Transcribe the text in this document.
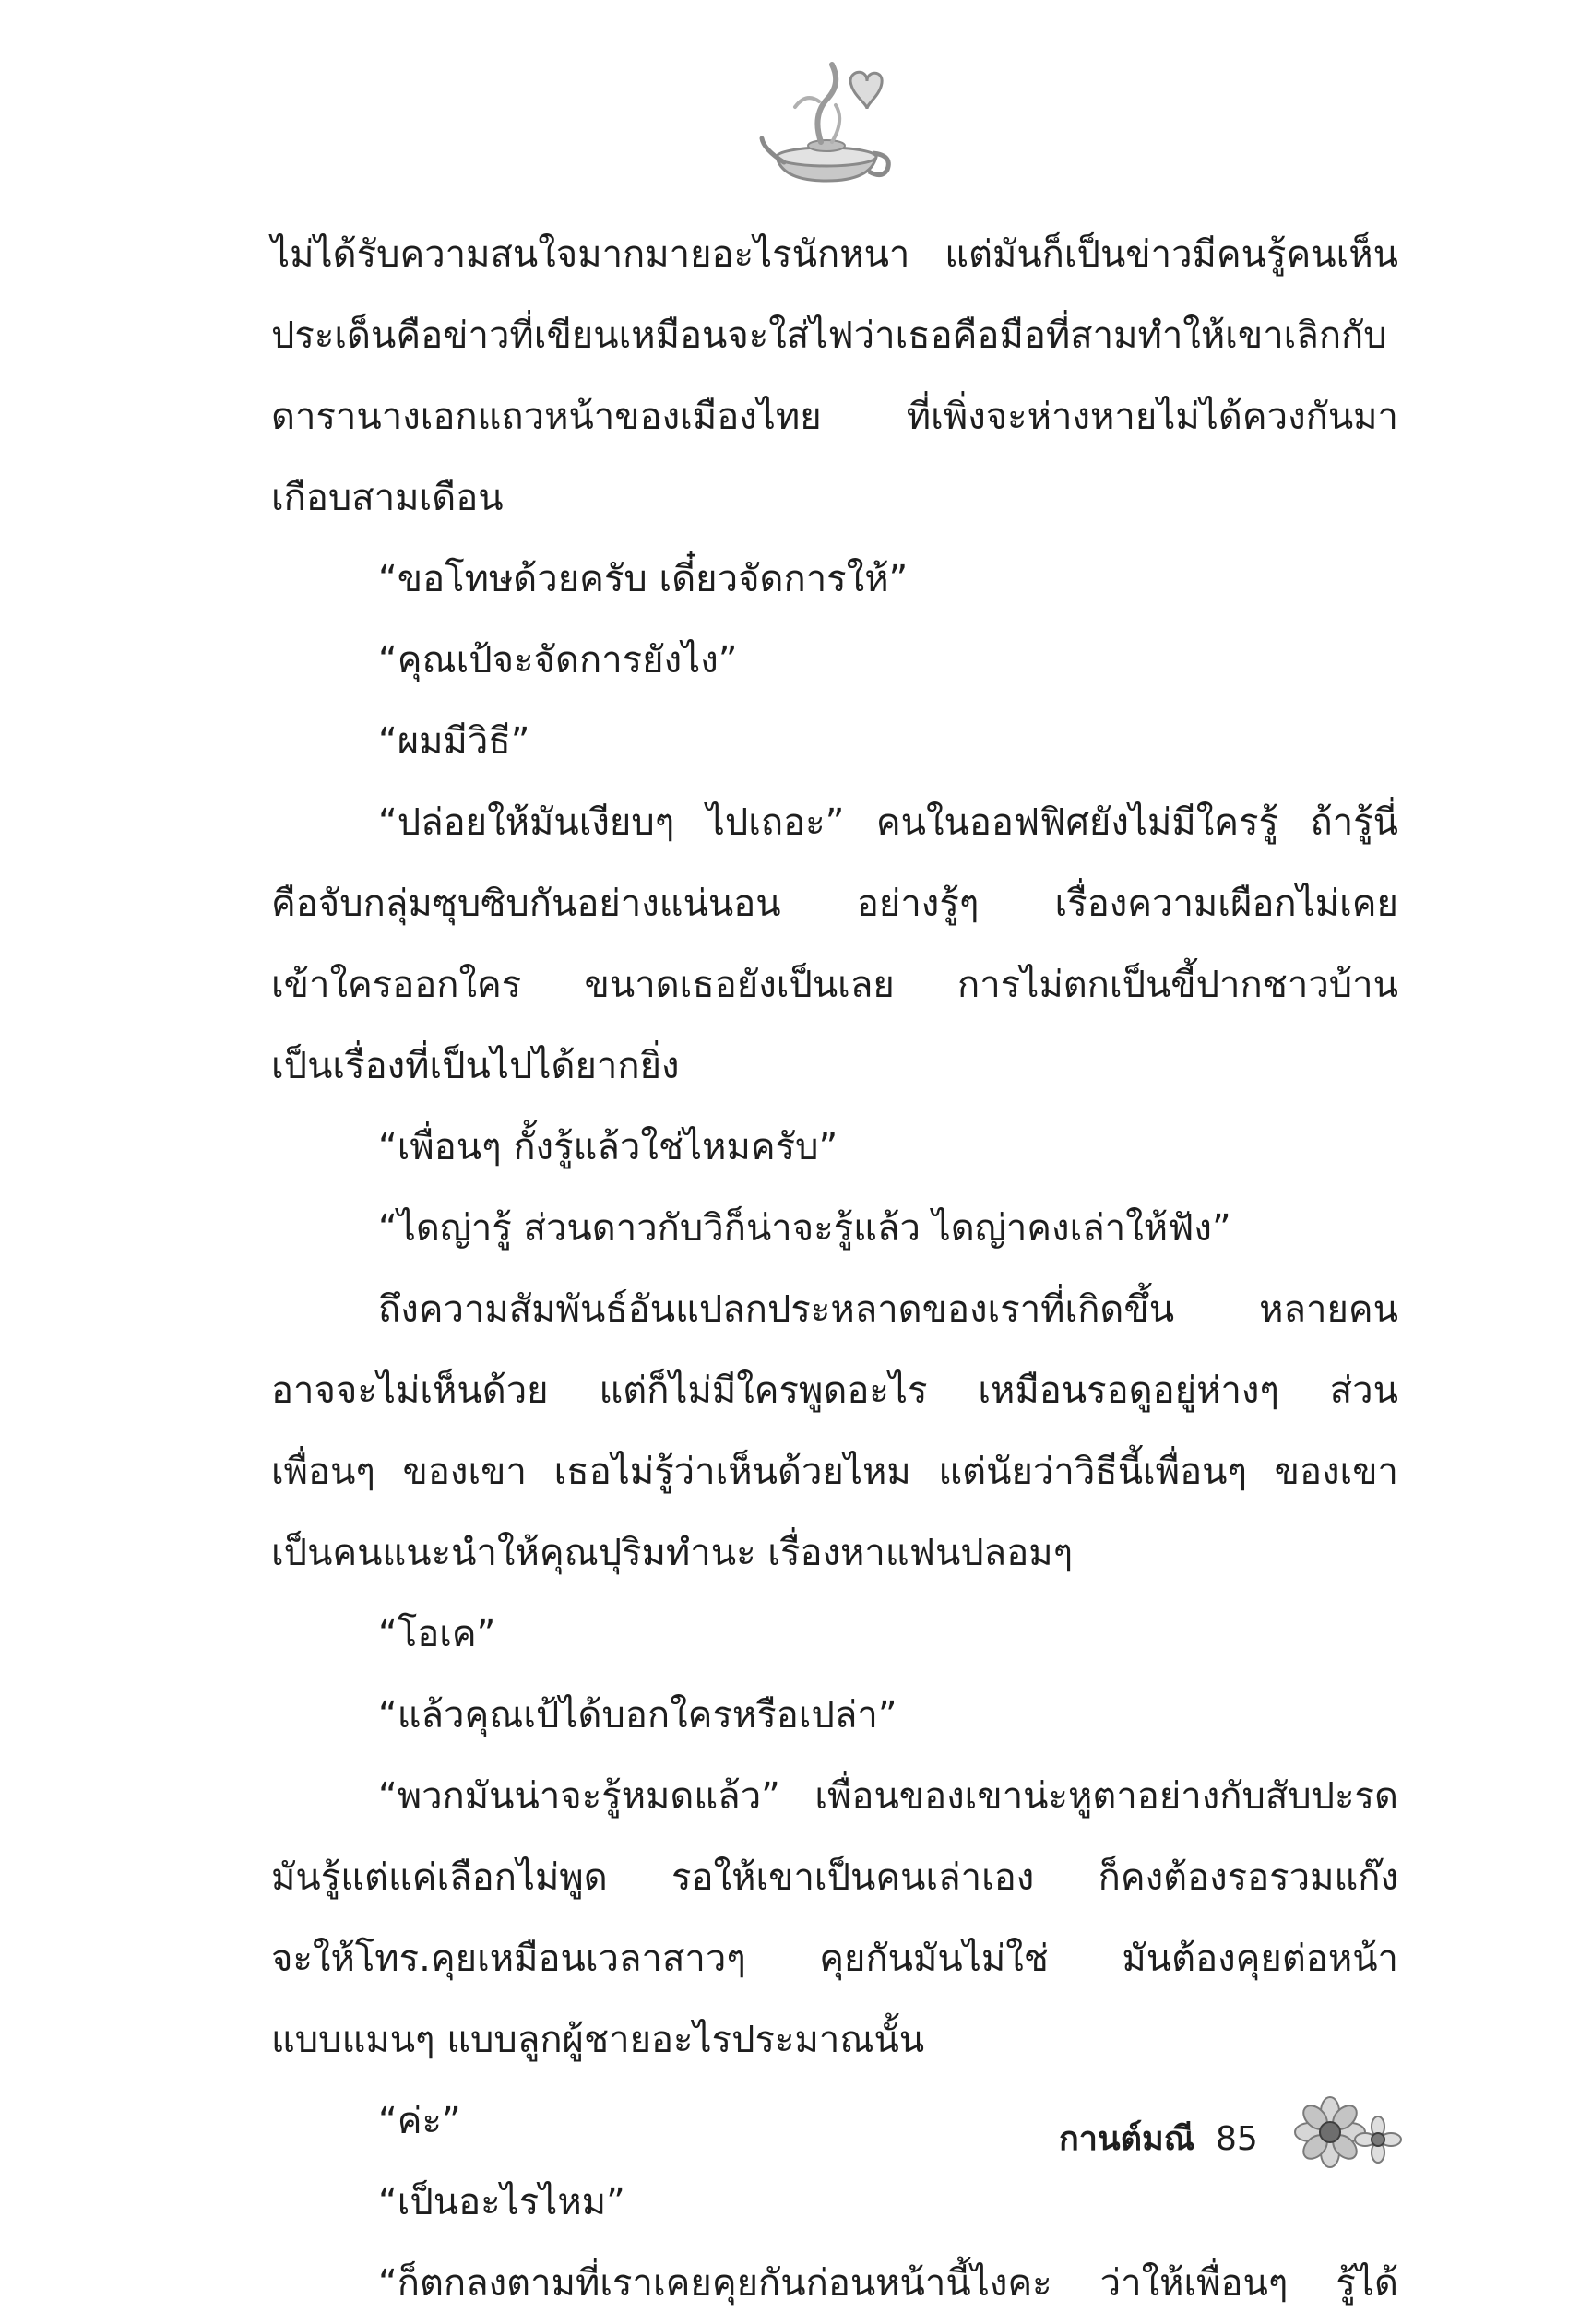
ไม่ได้รับความสนใจมากมายอะไรนักหนา แต่มันก็เป็นข่าวมีคนรู้คนเห็น
ประเด็นคือข่าวที่เขียนเหมือนจะใส่ไฟว่าเธอคือมือที่สามทำให้เขาเลิกกับ
ดารานางเอกแถวหน้าของเมืองไทย ที่เพิ่งจะห่างหายไม่ได้ควงกันมา
เกือบสามเดือน
“ขอโทษด้วยครับ เดี๋ยวจัดการให้”
“คุณเป้จะจัดการยังไง”
“ผมมีวิธี”
“ปล่อยให้มันเงียบๆ ไปเถอะ” คนในออฟฟิศยังไม่มีใครรู้ ถ้ารู้นี่
คือจับกลุ่มซุบซิบกันอย่างแน่นอน อย่างรู้ๆ เรื่องความเผือกไม่เคย
เข้าใครออกใคร ขนาดเธอยังเป็นเลย การไม่ตกเป็นขี้ปากชาวบ้าน
เป็นเรื่องที่เป็นไปได้ยากยิ่ง
“เพื่อนๆ กั้งรู้แล้วใช่ไหมครับ”
“ไดญ่ารู้ ส่วนดาวกับวิก็น่าจะรู้แล้ว ไดญ่าคงเล่าให้ฟัง”
ถึงความสัมพันธ์อันแปลกประหลาดของเราที่เกิดขึ้น หลายคน
อาจจะไม่เห็นด้วย แต่ก็ไม่มีใครพูดอะไร เหมือนรอดูอยู่ห่างๆ ส่วน
เพื่อนๆ ของเขา เธอไม่รู้ว่าเห็นด้วยไหม แต่นัยว่าวิธีนี้เพื่อนๆ ของเขา
เป็นคนแนะนำให้คุณปุริมทำนะ เรื่องหาแฟนปลอมๆ
“โอเค”
“แล้วคุณเป้ได้บอกใครหรือเปล่า”
“พวกมันน่าจะรู้หมดแล้ว” เพื่อนของเขาน่ะหูตาอย่างกับสับปะรด
มันรู้แต่แค่เลือกไม่พูด รอให้เขาเป็นคนเล่าเอง ก็คงต้องรอรวมแก๊ง
จะให้โทร.คุยเหมือนเวลาสาวๆ คุยกันมันไม่ใช่ มันต้องคุยต่อหน้า
แบบแมนๆ แบบลูกผู้ชายอะไรประมาณนั้น
“ค่ะ”
“เป็นอะไรไหม”
“ก็ตกลงตามที่เราเคยคุยกันก่อนหน้านี้ไงคะ ว่าให้เพื่อนๆ รู้ได้
กานต์มณี 85
